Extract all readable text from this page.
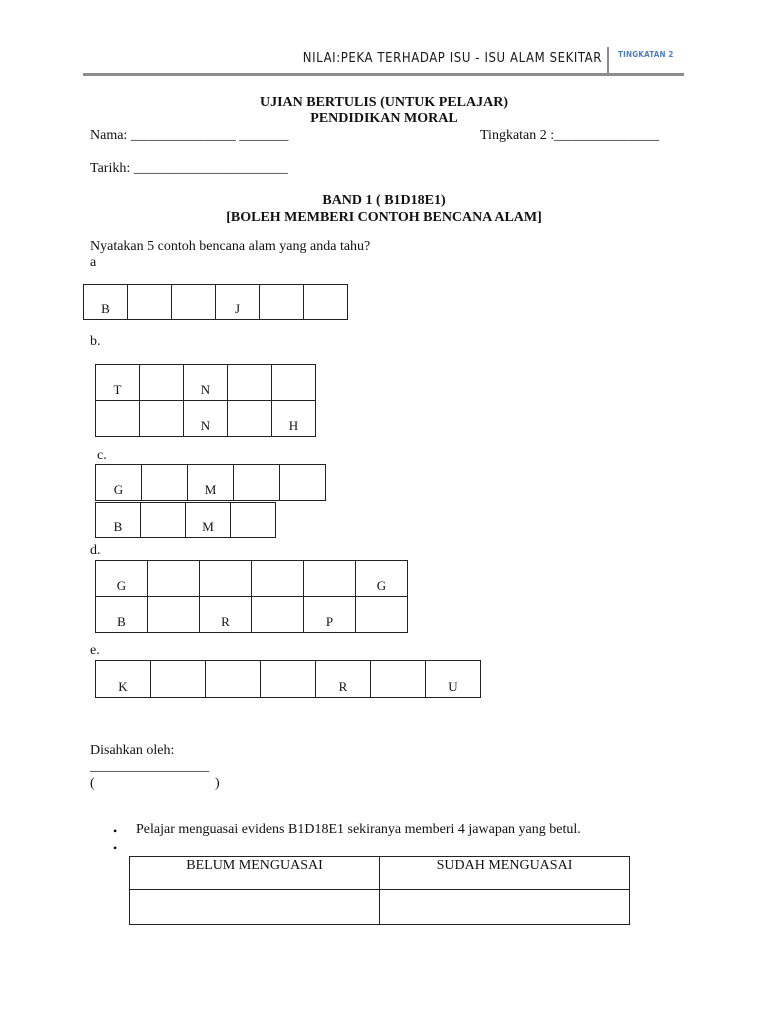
NILAI:PEKA TERHADAP ISU - ISU ALAM SEKITAR TINGKATAN 2
UJIAN BERTULIS (UNTUK PELAJAR)
PENDIDIKAN MORAL
Nama: _______________ _______	Tingkatan 2 :_______________
Tarikh: ______________________
BAND 1 ( B1D18E1)
[BOLEH MEMBERI CONTOH BENCANA ALAM]
Nyatakan 5 contoh bencana alam yang anda tahu?
a
B			J		
b.
T		N		
		N		H
c.
G		M		
B		M	
d.
G					G
B		R		P	
e.
K				R		U
Disahkan oleh:
_________________
(	)
• Pelajar menguasai evidens B1D18E1 sekiranya memberi 4 jawapan yang betul.
•
BELUM MENGUASAI	SUDAH MENGUASAI
